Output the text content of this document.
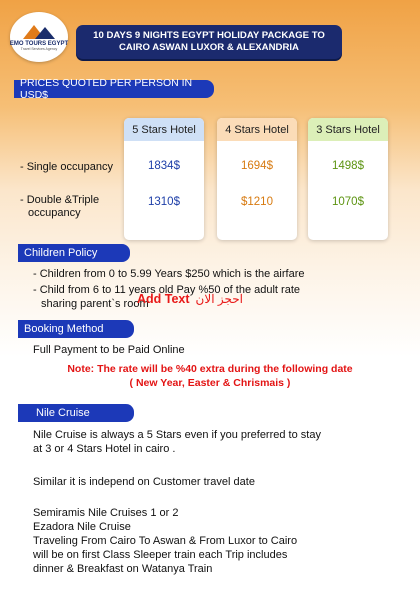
EMO TOURS EGYPT
Travel Services Agency
10 DAYS 9 NIGHTS EGYPT HOLIDAY PACKAGE TO
CAIRO ASWAN LUXOR & ALEXANDRIA
PRICES QUOTED PER PERSON IN USD$
5 Stars Hotel
1834$
1310$
4 Stars Hotel
1694$
$1210
3 Stars Hotel
1498$
1070$
- Single occupancy
- Double &Triple
occupancy
Children Policy
- Children from 0 to 5.99 Years $250 which is the airfare
- Child from 6 to 11 years old Pay %50 of the adult rate
sharing parent`s room
Add Text احجز الان
Booking Method
Full Payment to be Paid Online
Note: The rate will be %40 extra during the following date
( New Year, Easter & Chrismais )
Nile Cruise
Nile Cruise is always a 5 Stars even if you preferred to stay
at 3 or 4 Stars Hotel in cairo .
Similar it is independ on Customer travel date
Semiramis Nile Cruises 1 or 2
Ezadora Nile Cruise
Traveling From Cairo To Aswan & From Luxor to Cairo
will be on first Class Sleeper train each Trip includes
dinner & Breakfast on Watanya Train
